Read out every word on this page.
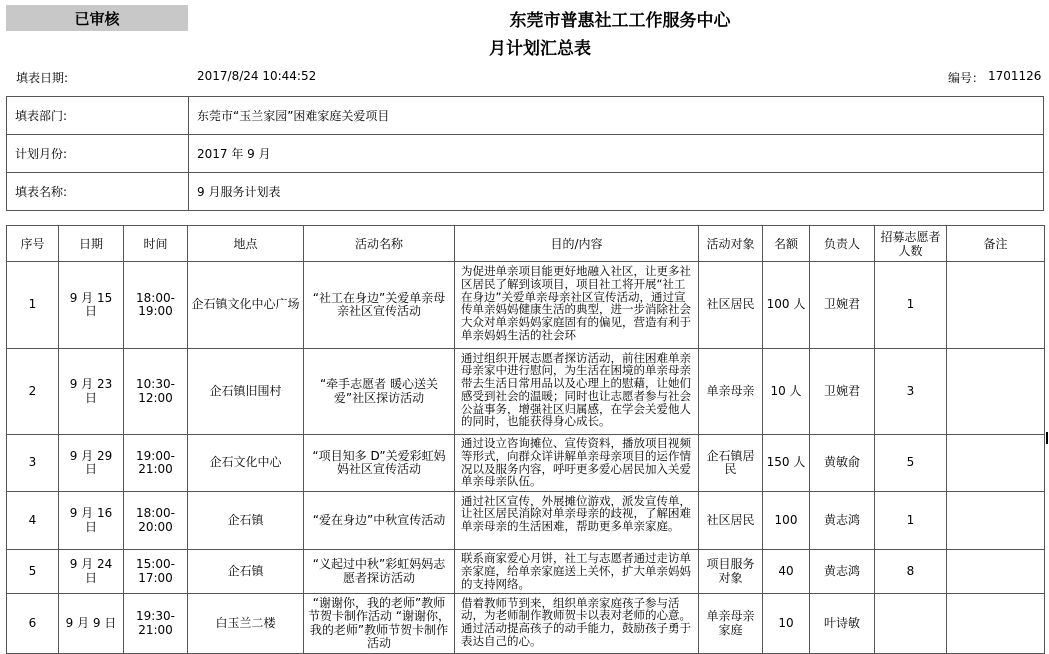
已审核	东莞市普惠社工工作服务中心
月计划汇总表
填表日期:	2017/8/24 10:44:52	编号： 1701126
填表部门:	东莞市“玉兰家园”困难家庭关爱项目
计划月份:	2017 年 9 月
填表名称:	9 月服务计划表
序号	日期	时间	地点	活动名称	目的/内容	活动对象	名额	负责人	招募志愿者人数	备注
1	9 月 15 日	18:00-19:00	企石镇文化中心广场	“社工在身边”关爱单亲母亲社区宣传活动	为促进单亲项目能更好地融入社区，让更多社区居民了解到该项目，项目社工将开展“社工在身边”关爱单亲母亲社区宣传活动，通过宣传单亲妈妈健康生活的典型，进一步消除社会大众对单亲妈妈家庭固有的偏见，营造有利于单亲妈妈生活的社会环	社区居民	100 人	卫婉君	1	
2	9 月 23 日	10:30-12:00	企石镇旧围村	“牵手志愿者 暖心送关爱”社区探访活动	通过组织开展志愿者探访活动，前往困难单亲母亲家中进行慰问，为生活在困境的单亲母亲带去生活日常用品以及心理上的慰藉，让她们感受到社会的温暖；同时也让志愿者参与社会公益事务，增强社区归属感，在学会关爱他人的同时，也能获得身心成长。	单亲母亲	10 人	卫婉君	3	
3	9 月 29 日	19:00-21:00	企石文化中心	“项目知多 D”关爱彩虹妈妈社区宣传活动	通过设立咨询摊位、宣传资料，播放项目视频等形式，向群众详讲解单亲母亲项目的运作情况以及服务内容，呼吁更多爱心居民加入关爱单亲母亲队伍。	企石镇居民	150 人	黄敏俞	5	
4	9 月 16 日	18:00-20:00	企石镇	“爱在身边”中秋宣传活动	通过社区宣传，外展摊位游戏，派发宣传单，让社区居民消除对单亲母亲的歧视，了解困难单亲母亲的生活困难，帮助更多单亲家庭。	社区居民	100	黄志鸿	1	
5	9 月 24 日	15:00-17:00	企石镇	“义起过中秋”彩虹妈妈志愿者探访活动	联系商家爱心月饼，社工与志愿者通过走访单亲家庭，给单亲家庭送上关怀，扩大单亲妈妈的支持网络。	项目服务对象	40	黄志鸿	8	
6	9 月 9 日	19:30-21:00	白玉兰二楼	“谢谢你，我的老师”教师节贺卡制作活动 “谢谢你，我的老师”教师节贺卡制作活动	借着教师节到来，组织单亲家庭孩子参与活动，为老师制作教师贺卡以表对老师的心意。通过活动提高孩子的动手能力，鼓励孩子勇于表达自己的心。	单亲母亲家庭	10	叶诗敏		
